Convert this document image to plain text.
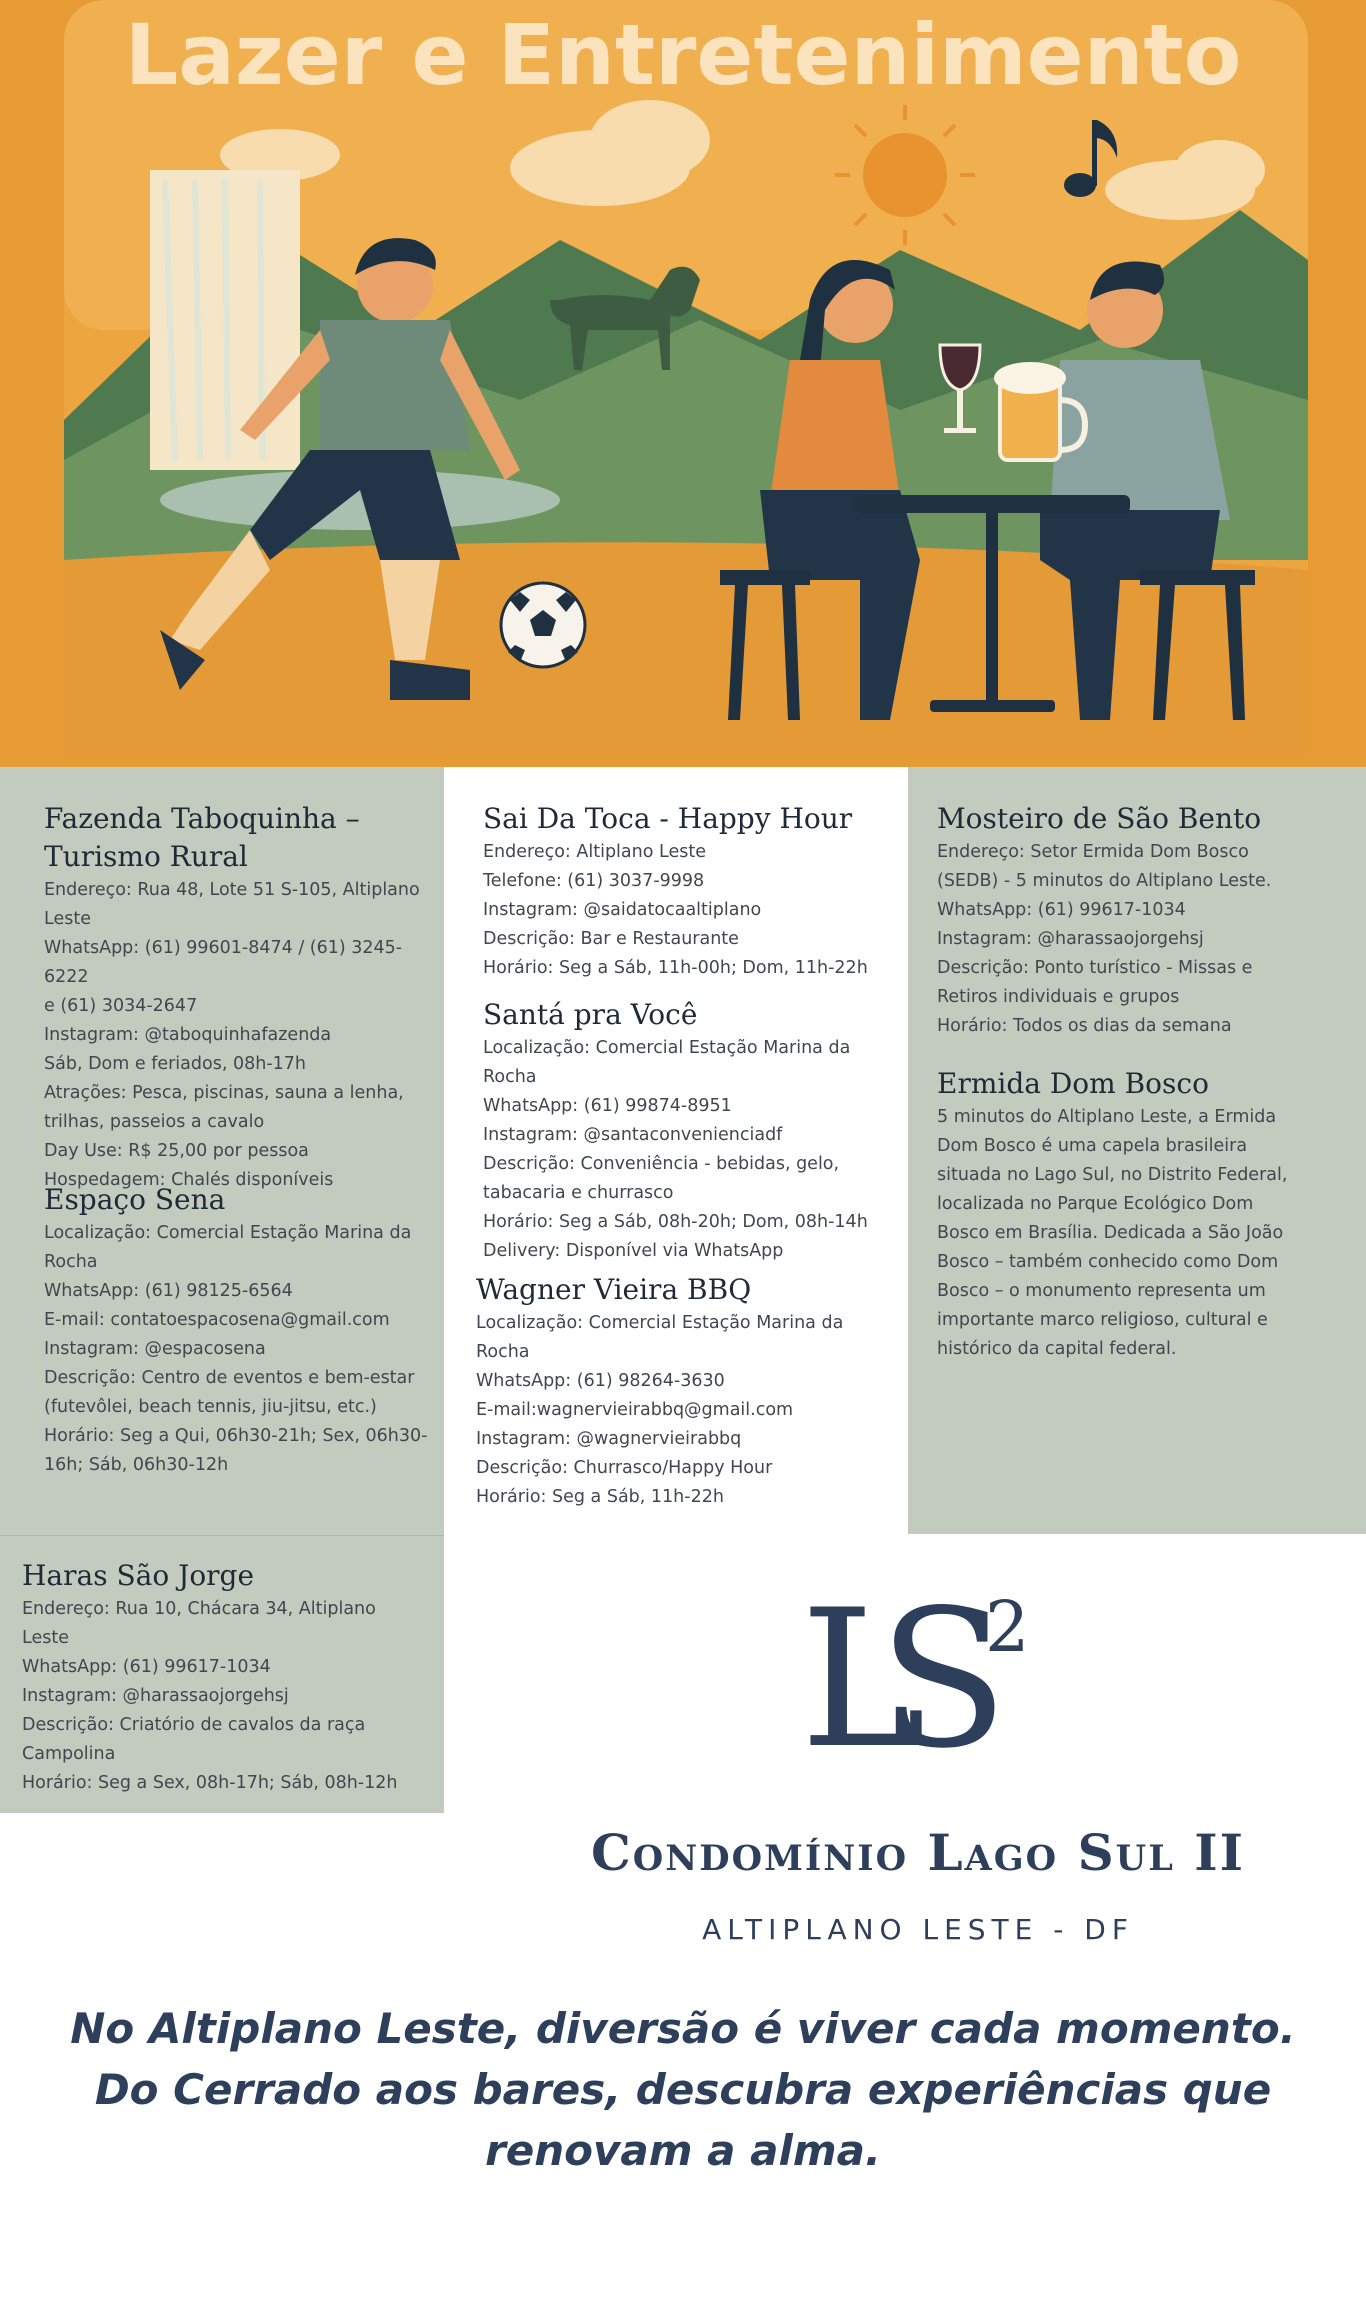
Lazer e Entretenimento
Fazenda Taboquinha –
Turismo Rural
Endereço: Rua 48, Lote 51 S-105, Altiplano
Leste
WhatsApp: (61) 99601-8474 / (61) 3245-6222
e (61) 3034-2647
Instagram: @taboquinhafazenda
Sáb, Dom e feriados, 08h-17h
Atrações: Pesca, piscinas, sauna a lenha,
trilhas, passeios a cavalo
Day Use: R$ 25,00 por pessoa
Hospedagem: Chalés disponíveis
Espaço Sena
Localização: Comercial Estação Marina da
Rocha
WhatsApp: (61) 98125-6564
E-mail: contatoespacosena@gmail.com
Instagram: @espacosena
Descrição: Centro de eventos e bem-estar
(futevôlei, beach tennis, jiu-jitsu, etc.)
Horário: Seg a Qui, 06h30-21h; Sex, 06h30-
16h; Sáb, 06h30-12h
Sai Da Toca - Happy Hour
Endereço: Altiplano Leste
Telefone: (61) 3037-9998
Instagram: @saidatocaaltiplano
Descrição: Bar e Restaurante
Horário: Seg a Sáb, 11h-00h; Dom, 11h-22h
Santá pra Você
Localização: Comercial Estação Marina da
Rocha
WhatsApp: (61) 99874-8951
Instagram: @santaconvenienciadf
Descrição: Conveniência - bebidas, gelo,
tabacaria e churrasco
Horário: Seg a Sáb, 08h-20h; Dom, 08h-14h
Delivery: Disponível via WhatsApp
Wagner Vieira BBQ
Localização: Comercial Estação Marina da
Rocha
WhatsApp: (61) 98264-3630
E-mail:wagnervieirabbq@gmail.com
Instagram: @wagnervieirabbq
Descrição: Churrasco/Happy Hour
Horário: Seg a Sáb, 11h-22h
Mosteiro de São Bento
Endereço: Setor Ermida Dom Bosco
(SEDB) - 5 minutos do Altiplano Leste.
WhatsApp: (61) 99617-1034
Instagram: @harassaojorgehsj
Descrição: Ponto turístico - Missas e
Retiros individuais e grupos
Horário: Todos os dias da semana
Ermida Dom Bosco
5 minutos do Altiplano Leste, a Ermida
Dom Bosco é uma capela brasileira
situada no Lago Sul, no Distrito Federal,
localizada no Parque Ecológico Dom
Bosco em Brasília. Dedicada a São João
Bosco – também conhecido como Dom
Bosco – o monumento representa um
importante marco religioso, cultural e
histórico da capital federal.
Haras São Jorge
Endereço: Rua 10, Chácara 34, Altiplano
Leste
WhatsApp: (61) 99617-1034
Instagram: @harassaojorgehsj
Descrição: Criatório de cavalos da raça
Campolina
Horário: Seg a Sex, 08h-17h; Sáb, 08h-12h LS 2
Condomínio Lago Sul II
ALTIPLANO LESTE - DF
No Altiplano Leste, diversão é viver cada momento.
Do Cerrado aos bares, descubra experiências que
renovam a alma.
